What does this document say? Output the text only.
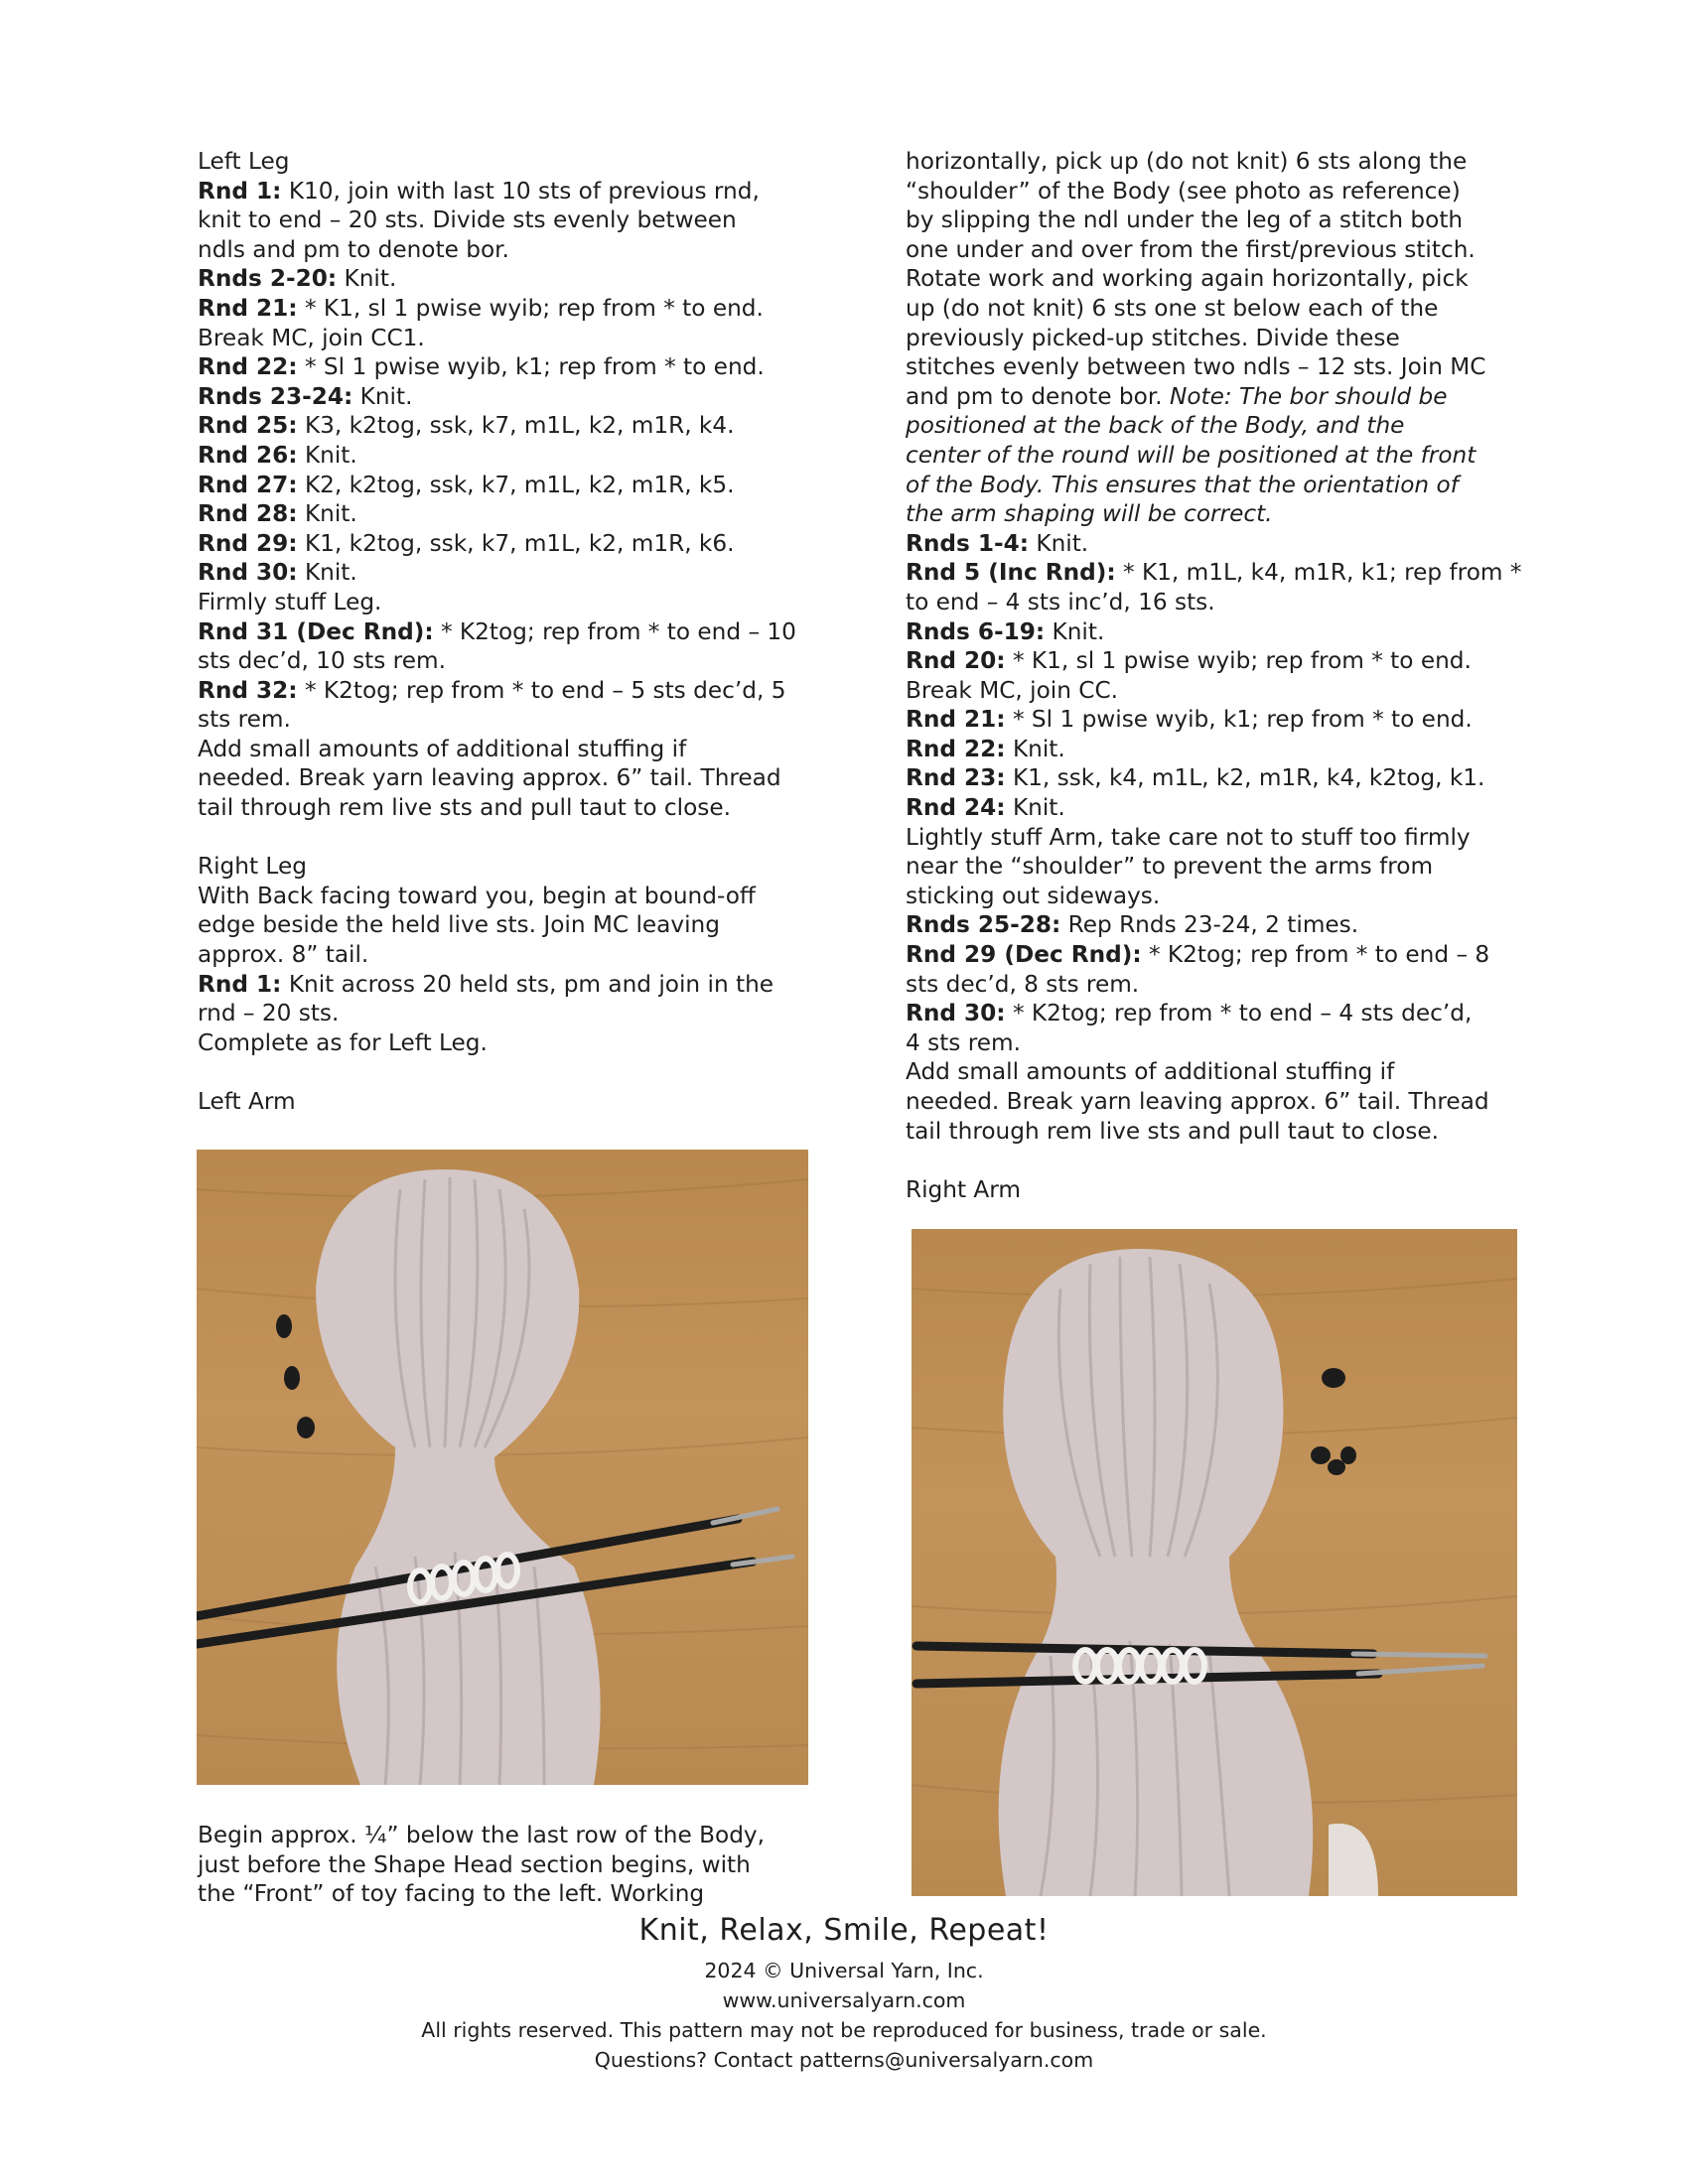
Left Leg
Rnd 1: K10, join with last 10 sts of previous rnd,
knit to end – 20 sts. Divide sts evenly between
ndls and pm to denote bor.
Rnds 2-20: Knit.
Rnd 21: * K1, sl 1 pwise wyib; rep from * to end.
Break MC, join CC1.
Rnd 22: * Sl 1 pwise wyib, k1; rep from * to end.
Rnds 23-24: Knit.
Rnd 25: K3, k2tog, ssk, k7, m1L, k2, m1R, k4.
Rnd 26: Knit.
Rnd 27: K2, k2tog, ssk, k7, m1L, k2, m1R, k5.
Rnd 28: Knit.
Rnd 29: K1, k2tog, ssk, k7, m1L, k2, m1R, k6.
Rnd 30: Knit.
Firmly stuff Leg.
Rnd 31 (Dec Rnd): * K2tog; rep from * to end – 10
sts dec’d, 10 sts rem.
Rnd 32: * K2tog; rep from * to end – 5 sts dec’d, 5
sts rem.
Add small amounts of additional stuffing if
needed. Break yarn leaving approx. 6” tail. Thread
tail through rem live sts and pull taut to close.
Right Leg
With Back facing toward you, begin at bound-off
edge beside the held live sts. Join MC leaving
approx. 8” tail.
Rnd 1: Knit across 20 held sts, pm and join in the
rnd – 20 sts.
Complete as for Left Leg.
Left Arm
Begin approx. ¼” below the last row of the Body,
just before the Shape Head section begins, with
the “Front” of toy facing to the left. Working
horizontally, pick up (do not knit) 6 sts along the
“shoulder” of the Body (see photo as reference)
by slipping the ndl under the leg of a stitch both
one under and over from the first/previous stitch.
Rotate work and working again horizontally, pick
up (do not knit) 6 sts one st below each of the
previously picked-up stitches. Divide these
stitches evenly between two ndls – 12 sts. Join MC
and pm to denote bor. Note: The bor should be
positioned at the back of the Body, and the
center of the round will be positioned at the front
of the Body. This ensures that the orientation of
the arm shaping will be correct.
Rnds 1-4: Knit.
Rnd 5 (Inc Rnd): * K1, m1L, k4, m1R, k1; rep from *
to end – 4 sts inc’d, 16 sts.
Rnds 6-19: Knit.
Rnd 20: * K1, sl 1 pwise wyib; rep from * to end.
Break MC, join CC.
Rnd 21: * Sl 1 pwise wyib, k1; rep from * to end.
Rnd 22: Knit.
Rnd 23: K1, ssk, k4, m1L, k2, m1R, k4, k2tog, k1.
Rnd 24: Knit.
Lightly stuff Arm, take care not to stuff too firmly
near the “shoulder” to prevent the arms from
sticking out sideways.
Rnds 25-28: Rep Rnds 23-24, 2 times.
Rnd 29 (Dec Rnd): * K2tog; rep from * to end – 8
sts dec’d, 8 sts rem.
Rnd 30: * K2tog; rep from * to end – 4 sts dec’d,
4 sts rem.
Add small amounts of additional stuffing if
needed. Break yarn leaving approx. 6” tail. Thread
tail through rem live sts and pull taut to close.
Right Arm
Knit, Relax, Smile, Repeat!
2024 © Universal Yarn, Inc.
www.universalyarn.com
All rights reserved. This pattern may not be reproduced for business, trade or sale.
Questions? Contact patterns@universalyarn.com
